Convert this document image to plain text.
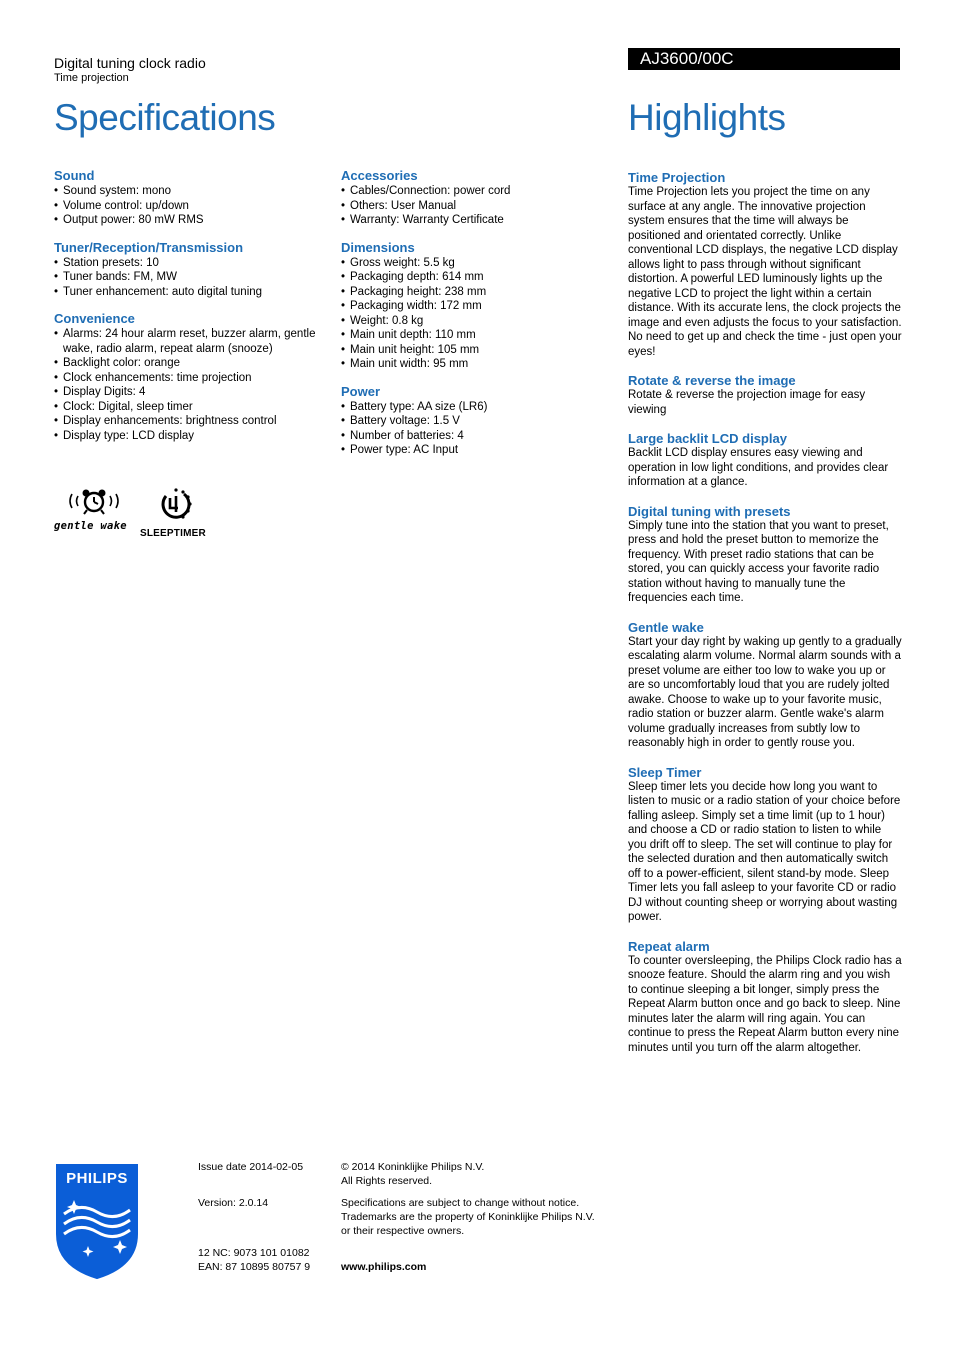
Digital tuning clock radio
Time projection
AJ3600/00C
Specifications	Highlights
Sound
• Sound system: mono
• Volume control: up/down
• Output power: 80 mW RMS
Tuner/Reception/Transmission
• Station presets: 10
• Tuner bands: FM, MW
• Tuner enhancement: auto digital tuning
Convenience
• Alarms: 24 hour alarm reset, buzzer alarm, gentle wake, radio alarm, repeat alarm (snooze)
• Backlight color: orange
• Clock enhancements: time projection
• Display Digits: 4
• Clock: Digital, sleep timer
• Display enhancements: brightness control
• Display type: LCD display
Accessories
• Cables/Connection: power cord
• Others: User Manual
• Warranty: Warranty Certificate
Dimensions
• Gross weight: 5.5 kg
• Packaging depth: 614 mm
• Packaging height: 238 mm
• Packaging width: 172 mm
• Weight: 0.8 kg
• Main unit depth: 110 mm
• Main unit height: 105 mm
• Main unit width: 95 mm
Power
• Battery type: AA size (LR6)
• Battery voltage: 1.5 V
• Number of batteries: 4
• Power type: AC Input
gentle wake
SLEEPTIMER
Time Projection

Time Projection lets you project the time on any surface at any angle. The innovative projection system ensures that the time will always be positioned and orientated correctly. Unlike conventional LCD displays, the negative LCD display allows light to pass through without significant distortion. A powerful LED luminously lights up the negative LCD to project the light within a certain distance. With its accurate lens, the clock projects the image and even adjusts the focus to your satisfaction. No need to get up and check the time - just open your eyes!

Rotate & reverse the image

Rotate & reverse the projection image for easy viewing

Large backlit LCD display

Backlit LCD display ensures easy viewing and operation in low light conditions, and provides clear information at a glance.

Digital tuning with presets

Simply tune into the station that you want to preset, press and hold the preset button to memorize the frequency. With preset radio stations that can be stored, you can quickly access your favorite radio station without having to manually tune the frequencies each time.

Gentle wake

Start your day right by waking up gently to a gradually escalating alarm volume. Normal alarm sounds with a preset volume are either too low to wake you up or are so uncomfortably loud that you are rudely jolted awake. Choose to wake up to your favorite music, radio station or buzzer alarm. Gentle wake's alarm volume gradually increases from subtly low to reasonably high in order to gently rouse you.

Sleep Timer

Sleep timer lets you decide how long you want to listen to music or a radio station of your choice before falling asleep. Simply set a time limit (up to 1 hour) and choose a CD or radio station to listen to while you drift off to sleep. The set will continue to play for the selected duration and then automatically switch off to a power-efficient, silent stand-by mode. Sleep Timer lets you fall asleep to your favorite CD or radio DJ without counting sheep or worrying about wasting power.

Repeat alarm

To counter oversleeping, the Philips Clock radio has a snooze feature. Should the alarm ring and you wish to continue sleeping a bit longer, simply press the Repeat Alarm button once and go back to sleep. Nine minutes later the alarm will ring again. You can continue to press the Repeat Alarm button every nine minutes until you turn off the alarm altogether.

PHILIPS

Issue date 2014-02-05

Version: 2.0.14

12 NC: 9073 101 01082

EAN: 87 10895 80757 9

© 2014 Koninklijke Philips N.V.

All Rights reserved.

Specifications are subject to change without notice.

Trademarks are the property of Koninklijke Philips N.V.

or their respective owners.

www.philips.com
